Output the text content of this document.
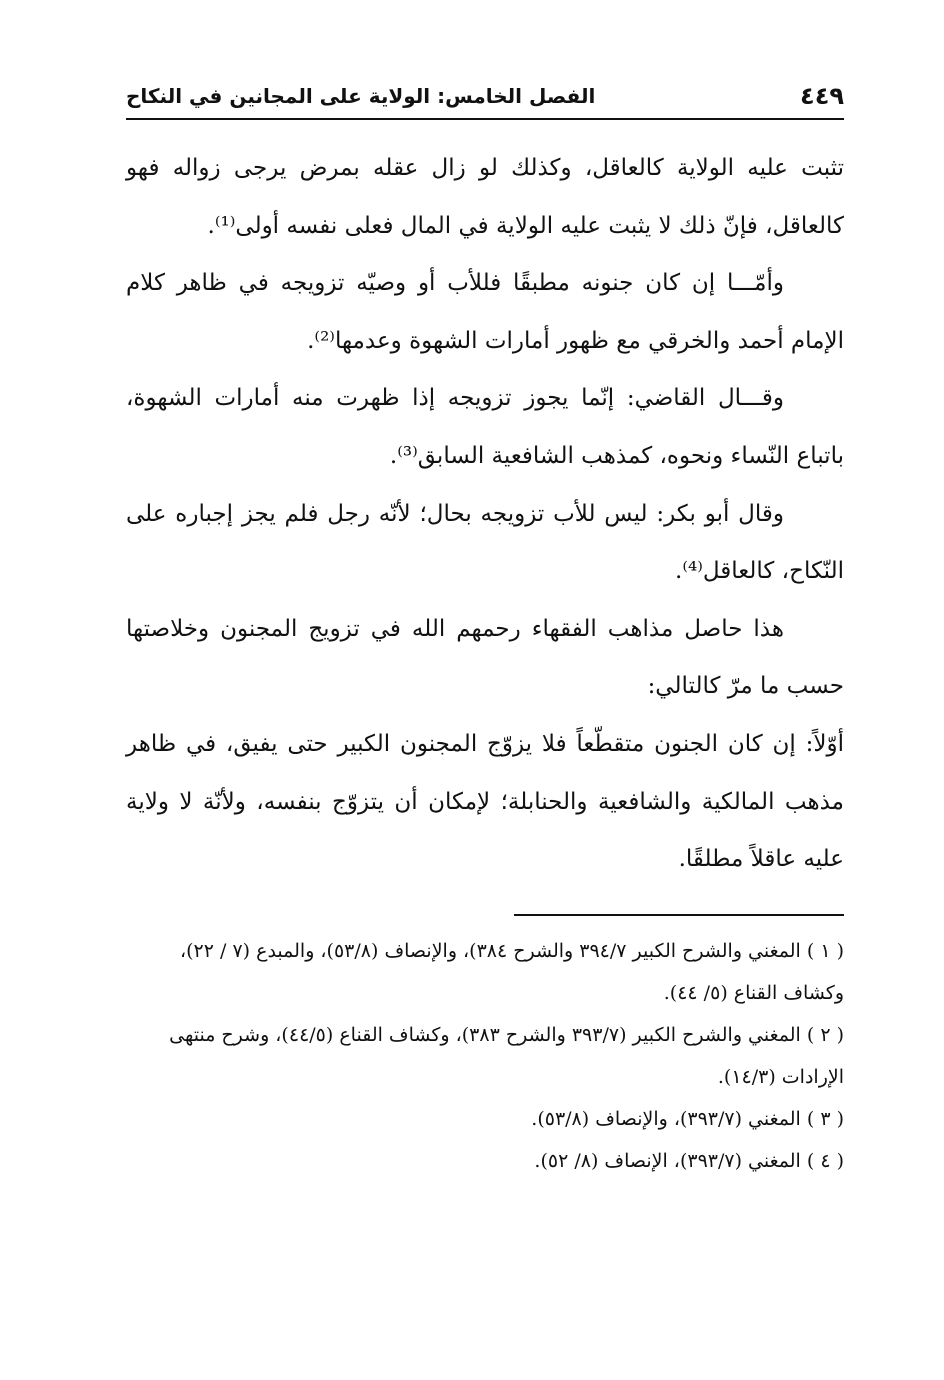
٤٤٩
الفصل الخامس: الولاية على المجانين في النكاح

تثبت عليه الولاية كالعاقل، وكذلك لو زال عقله بمرض يرجى زواله فهو كالعاقل، فإنّ ذلك لا يثبت عليه الولاية في المال فعلى نفسه أولى⁽¹⁾.

وأمّـــا إن كان جنونه مطبقًا فللأب أو وصيّه تزويجه في ظاهر كلام الإمام أحمد والخرقي مع ظهور أمارات الشهوة وعدمها⁽²⁾.

وقـــال القاضي: إنّما يجوز تزويجه إذا ظهرت منه أمارات الشهوة، باتباع النّساء ونحوه، كمذهب الشافعية السابق⁽³⁾.

وقال أبو بكر: ليس للأب تزويجه بحال؛ لأنّه رجل فلم يجز إجباره على النّكاح، كالعاقل⁽⁴⁾.

هذا حاصل مذاهب الفقهاء رحمهم الله في تزويج المجنون وخلاصتها حسب ما مرّ كالتالي:

أوّلاً: إن كان الجنون متقطّعاً فلا يزوّج المجنون الكبير حتى يفيق، في ظاهر مذهب المالكية والشافعية والحنابلة؛ لإمكان أن يتزوّج بنفسه، ولأنّة لا ولاية عليه عاقلاً مطلقًا.

( ١ ) المغني والشرح الكبير ٣٩٤/٧ والشرح ٣٨٤)، والإنصاف (٥٣/٨)، والمبدع (٧ / ٢٢)، وكشاف القناع (٥/ ٤٤).

( ٢ ) المغني والشرح الكبير (٣٩٣/٧ والشرح ٣٨٣)، وكشاف القناع (٤٤/٥)، وشرح منتهى الإرادات (١٤/٣).

( ٣ ) المغني (٣٩٣/٧)، والإنصاف (٥٣/٨).

( ٤ ) المغني (٣٩٣/٧)، الإنصاف (٨/ ٥٢).
